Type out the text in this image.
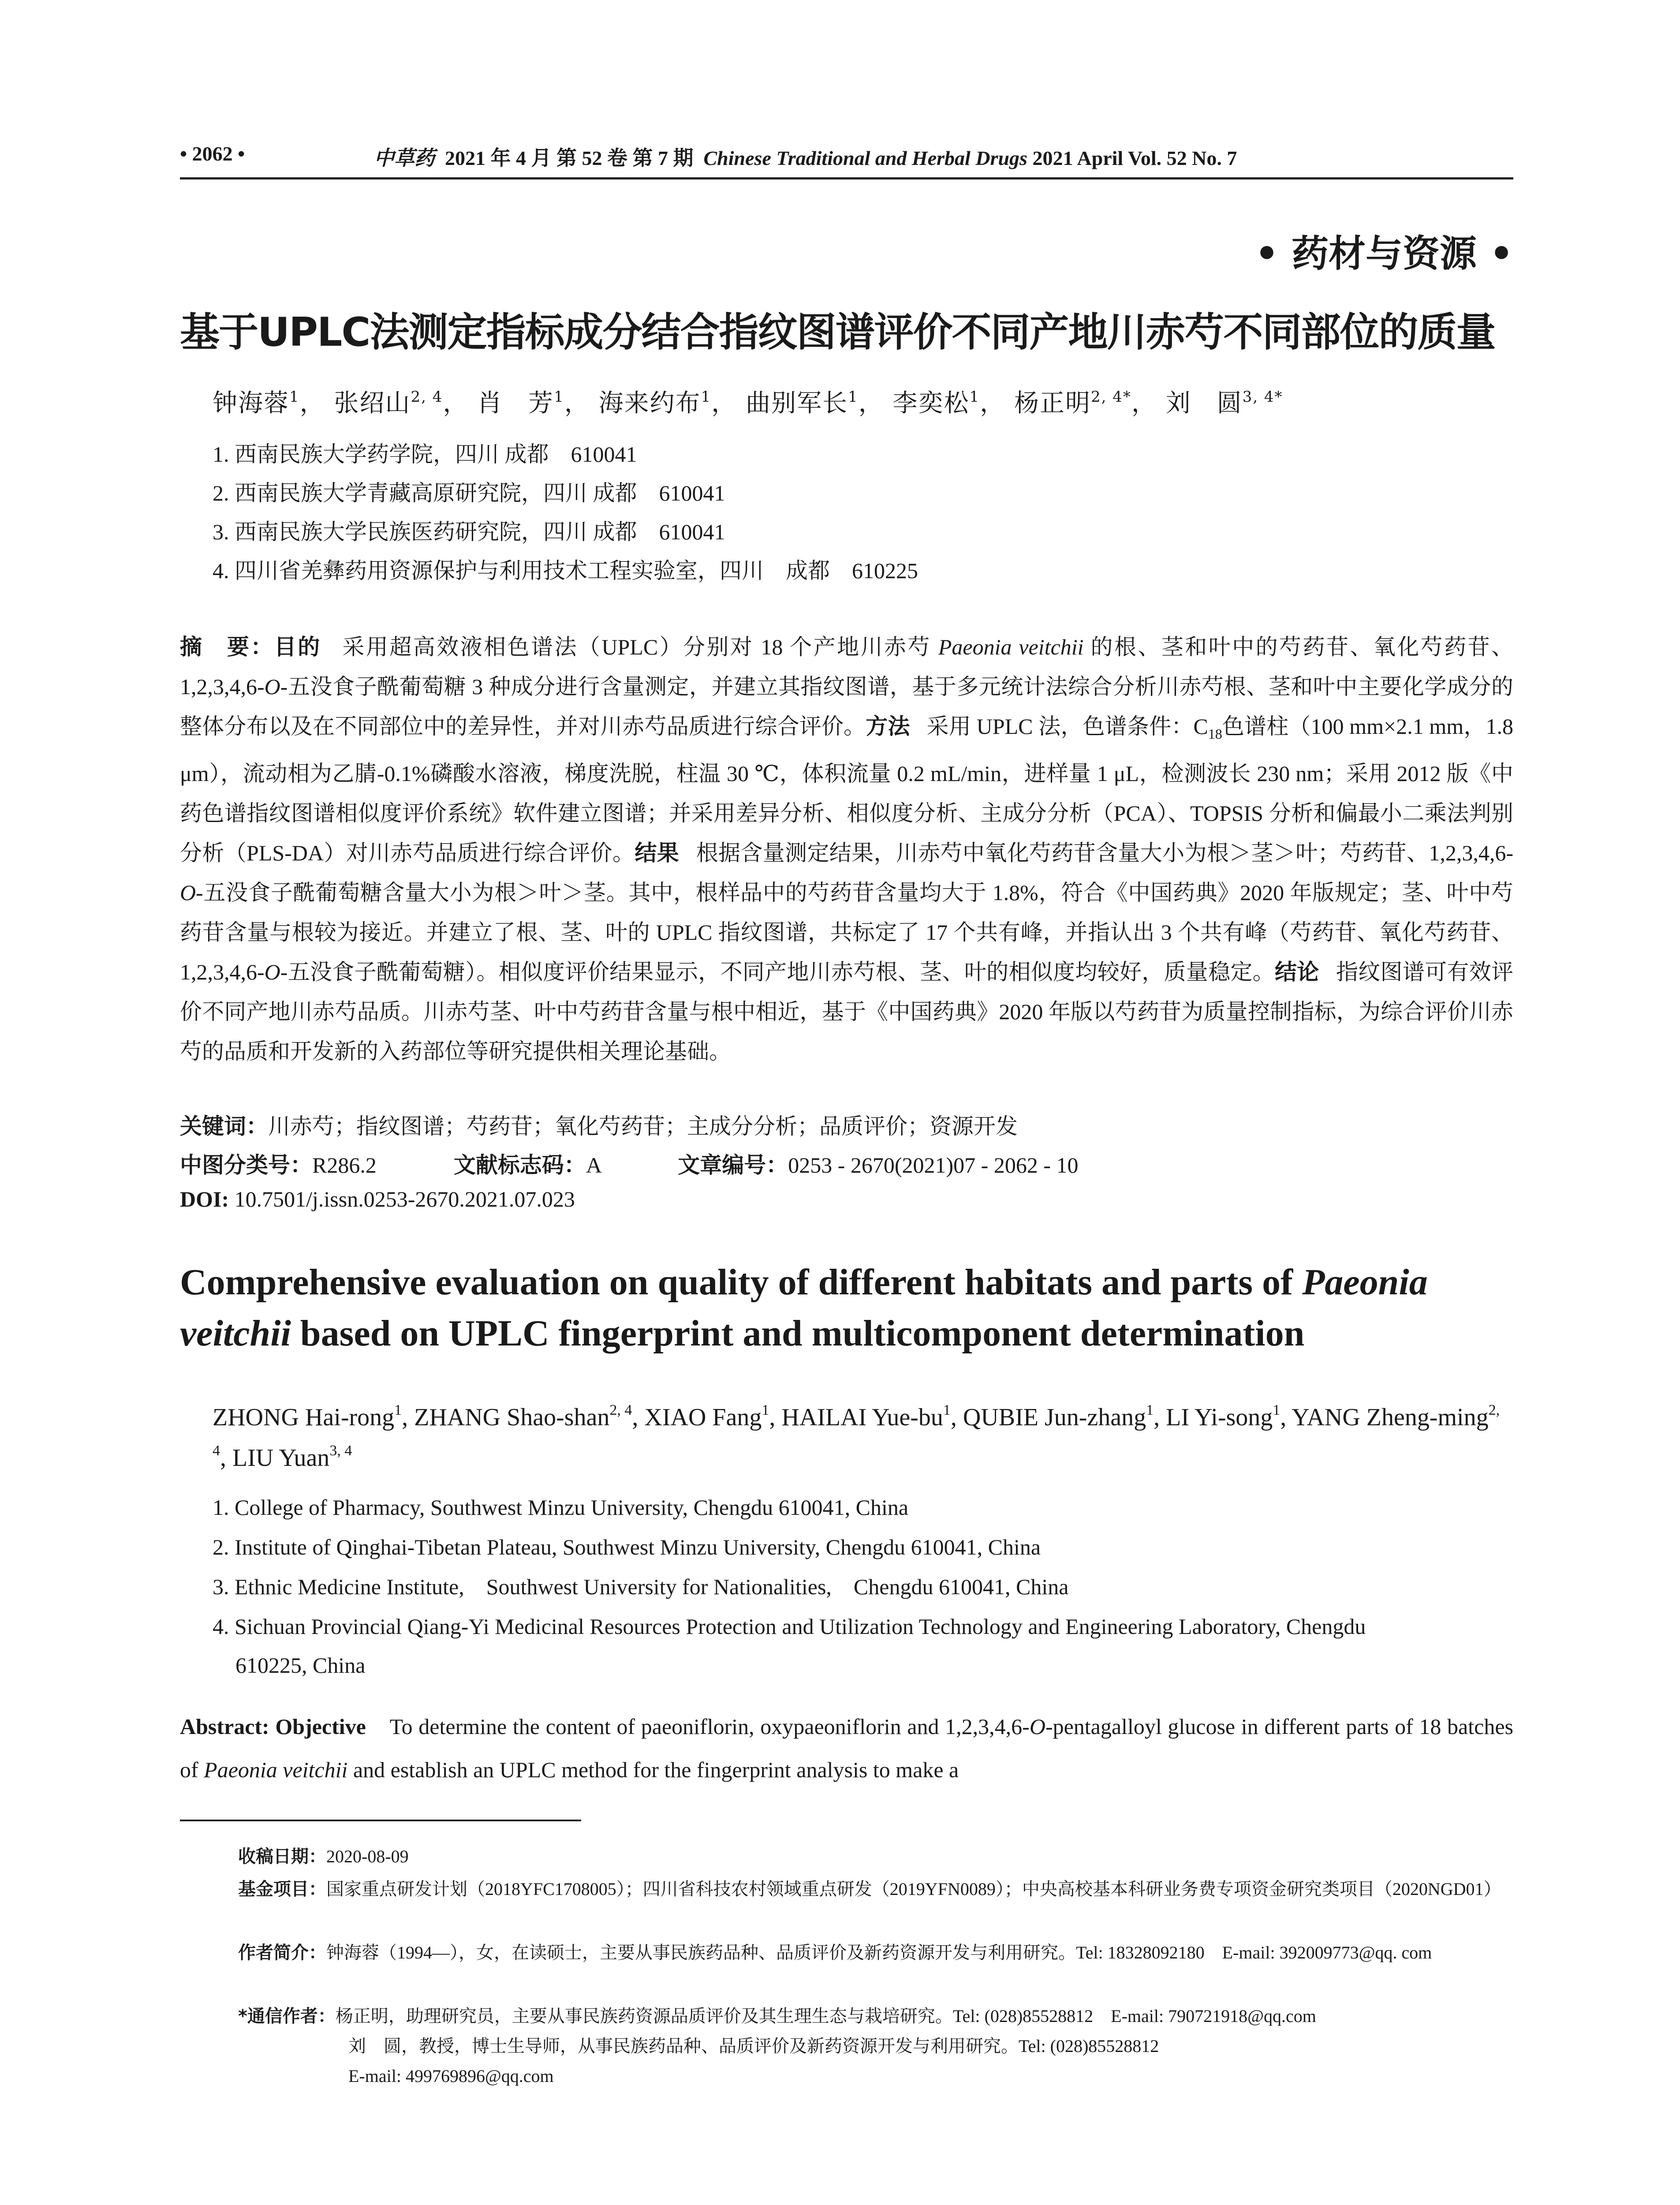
• 2062 •	中草药 2021 年 4 月 第 52 卷 第 7 期 Chinese Traditional and Herbal Drugs 2021 April Vol. 52 No. 7
• 药材与资源 •
基于UPLC法测定指标成分结合指纹图谱评价不同产地川赤芍不同部位的质量
钟海蓉$^1$， 张绍山$^{2, 4}$， 肖　芳$^1$， 海来约布$^1$， 曲别军长$^1$， 李奕松$^1$， 杨正明$^{2, 4*}$， 刘　圆$^{3, 4*}$
1. 西南民族大学药学院，四川 成都　610041
2. 西南民族大学青藏高原研究院，四川 成都　610041
3. 西南民族大学民族医药研究院，四川 成都　610041
4. 四川省羌彝药用资源保护与利用技术工程实验室，四川　成都　610225
摘　要：目的 采用超高效液相色谱法（UPLC）分别对 18 个产地川赤芍 Paeonia veitchii 的根、茎和叶中的芍药苷、氧化芍药苷、1,2,3,4,6-O-五没食子酰葡萄糖 3 种成分进行含量测定，并建立其指纹图谱，基于多元统计法综合分析川赤芍根、茎和叶中主要化学成分的整体分布以及在不同部位中的差异性，并对川赤芍品质进行综合评价。方法 采用 UPLC 法，色谱条件：$C_{18}$色谱柱（100 mm×2.1 mm，1.8 μm），流动相为乙腈-0.1%磷酸水溶液，梯度洗脱，柱温 30 ℃，体积流量 0.2 mL/min，进样量 1 μL，检测波长 230 nm；采用 2012 版《中药色谱指纹图谱相似度评价系统》软件建立图谱；并采用差异分析、相似度分析、主成分分析（PCA）、TOPSIS 分析和偏最小二乘法判别分析（PLS-DA）对川赤芍品质进行综合评价。结果 根据含量测定结果，川赤芍中氧化芍药苷含量大小为根＞茎＞叶；芍药苷、1,2,3,4,6-O-五没食子酰葡萄糖含量大小为根＞叶＞茎。其中，根样品中的芍药苷含量均大于 1.8%，符合《中国药典》2020 年版规定；茎、叶中芍药苷含量与根较为接近。并建立了根、茎、叶的 UPLC 指纹图谱，共标定了 17 个共有峰，并指认出 3 个共有峰（芍药苷、氧化芍药苷、1,2,3,4,6-O-五没食子酰葡萄糖）。相似度评价结果显示，不同产地川赤芍根、茎、叶的相似度均较好，质量稳定。结论 指纹图谱可有效评价不同产地川赤芍品质。川赤芍茎、叶中芍药苷含量与根中相近，基于《中国药典》2020 年版以芍药苷为质量控制指标，为综合评价川赤芍的品质和开发新的入药部位等研究提供相关理论基础。
关键词：川赤芍；指纹图谱；芍药苷；氧化芍药苷；主成分分析；品质评价；资源开发
中图分类号：R286.2	文献标志码：A	文章编号：0253 - 2670(2021)07 - 2062 - 10
DOI: 10.7501/j.issn.0253-2670.2021.07.023
Comprehensive evaluation on quality of different habitats and parts of Paeonia veitchii based on UPLC fingerprint and multicomponent determination
ZHONG Hai-rong$^1$, ZHANG Shao-shan$^{2, 4}$, XIAO Fang$^1$, HAILAI Yue-$bu^1$, QUBIE Jun-zhang$^1$, LI Yi-song$^1$, YANG Zheng-ming$^{2, 4}$, LIU Yuan$^{3, 4}$
1. College of Pharmacy, Southwest Minzu University, Chengdu 610041, China
2. Institute of Qinghai-Tibetan Plateau, Southwest Minzu University, Chengdu 610041, China
3. Ethnic Medicine Institute,　Southwest University for Nationalities,　Chengdu 610041, China
4. Sichuan Provincial Qiang-Yi Medicinal Resources Protection and Utilization Technology and Engineering Laboratory, Chengdu
610225, China
Abstract: Objective To determine the content of paeoniflorin, oxypaeoniflorin and 1,2,3,4,6-O-pentagalloyl glucose in different parts of 18 batches of Paeonia veitchii and establish an UPLC method for the fingerprint analysis to make a
收稿日期：2020-08-09
基金项目：国家重点研发计划（2018YFC1708005）；四川省科技农村领域重点研发（2019YFN0089）；中央高校基本科研业务费专项资金研究类项目（2020NGD01）
作者简介：钟海蓉（1994—），女，在读硕士，主要从事民族药品种、品质评价及新药资源开发与利用研究。Tel: 18328092180　E-mail: 392009773@qq. com
*通信作者：杨正明，助理研究员，主要从事民族药资源品质评价及其生理生态与栽培研究。Tel: (028)85528812　E-mail: 790721918@qq.com
刘　圆，教授，博士生导师，从事民族药品种、品质评价及新药资源开发与利用研究。Tel: (028)85528812
E-mail: 499769896@qq.com
